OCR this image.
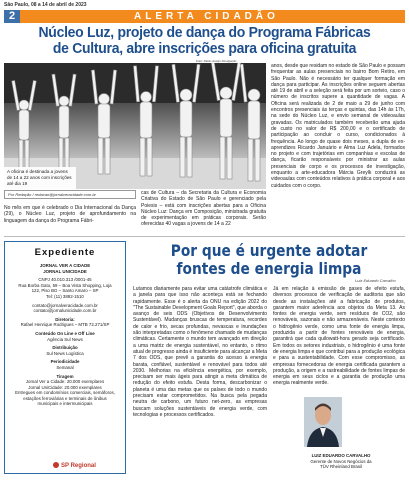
São Paulo, 08 a 14 de abril de 2023
2	ALERTA CIDADÃO
Núcleo Luz, projeto de dança do Programa Fábricas
de Cultura, abre inscrições para oficina gratuita
Foto: Pablo Araújo Divulgação
A oficina é destinada a jovens de 14 a 22 anos com inscrições até dia 19
Por Redação / redacao@jornalveracidade.com.br
No mês em que é celebrado o Dia Internacional da Dança (29), o Núcleo Luz, projeto de aprofundamento na linguagem da dança do Programa Fábri-
cas de Cultura – da Secretaria da Cultura e Economia Criativa do Estado de São Paulo e gerenciado pela Poiesis – está com inscrições abertas para a Oficina Núcleo Luz: Dança em Composição, ministrada gratuita de experimentação em práticas corporais. Serão oferecidas 40 vagas a jovens de 14 a 22
anos, desde que residam no estado de São Paulo e possam frequentar as aulas presenciais no bairro Bom Retiro, em São Paulo. Não é necessário ter qualquer formação em dança para participar. As inscrições online seguem abertas até 19 de abril e a seleção será feita por um sorteio, caso o número de inscritos supere a quantidade de vagas. A Oficina será realizada de 2 de maio a 29 de junho com encontros presenciais às terças e quintas, das 14h às 17h, na sede do Núcleo Luz, e envio semanal de videoaulas gravadas. Os matriculados também receberão uma ajuda de custo no valor de R$ 200,00 e o certificado de participação ao concluir o curso, condicionados à frequência. Ao longo de quase dois meses, a dupla de ex-aprendizes Ricardo Januário e Alma Luz Adela, formados no projeto e com trajetórias em companhias e escolas de dança, ficarão responsáveis por ministrar as aulas presenciais de corpo e os processos de investigação, enquanto a arte-educadora Márcia Greylk conduzirá as videoaulas com conteúdos relativos à prática corporal e aos cuidados com o corpo.
Expediente
JORNAL VER A CIDADE
JORNAL UNICIDADE
CNPJ 40.010.313 /0001-45
Rua Borba Gato, 59 – Boa Vista Shopping, Loja
122, Piso BG – Santo Amaro – SP
Tel: (11) 3892-1510
contato@jornalveracidade.com.br
contato@jornalunicidade.com.br
Diretoria:
Rafael Henrique Rodrigues – MTB 72.271/SP
Conteúdo On Line e Off Line
Agência Sul News
Distribuição
Sul News Logística
Periodicidade
Semanal
Tiragem
Jornal Ver a Cidade: 20.000 exemplares
Jornal UniCidade: 20.000 exemplares
Entregues em condomínios comerciais, semáforos,
estações ferroviárias e terminais de ônibus
municipais e intermunicipais
SP Regional
Por que é urgente adotar
fontes de energia limpa
Luiz Eduardo Carvalho
Lutamos diariamente para evitar uma catástrofe climática e a janela para que isso não aconteça está se fechando rapidamente. Esse é o alerta da ONU na edição 2022 do "The Sustainable Development Goals Report", que aborda o avanço de seis ODS (Objetivos de Desenvolvimento Sustentável). Mudanças bruscas de temperatura, recordes de calor e frio, secas profundas, nevascas e inundações são interpretadas como o fenômeno chamado de mudanças climáticas. Certamente o mundo tem avançado em direção a uma matriz de energia sustentável, no entanto, o ritmo atual de progresso ainda é insuficiente para alcançar a Meta 7 dos ODS, que prevê a garantia do acesso à energia barata, confiável, sustentável e renovável para todos até 2030. Melhorias na eficiência energética, por exemplo, precisam ser mais ágeis para atingir a meta climática de redução do efeito estufa. Desta forma, descarbonizar o planeta é uma das metas que os países de todo o mundo precisam estar comprometidos. Na busca pela pegada neutra de carbono, um futuro net-zero, as empresas buscam soluções sustentáveis de energia verde, com tecnologias e processos certificados.
Já em relação à emissão de gases de efeito estufa, diversos processos de verificação de auditoria que são desde as instalações até a fabricação de produtos, garantem maior aderência aos objetos da Meta 13. As fontes de energia verde, sem resíduos de CO2, são renováveis, sazonais e não armazenáveis. Neste contexto o hidrogênio verde, como uma fonte de energia limpa, produzida a partir de fontes renováveis de energia, garantirá que cada quilowatt-hora gerado seja certificado. Em todos os setores industriais, o hidrogênio é uma fonte de energia limpa e que contribui para a produção ecológica e para a sustentabilidade. Com esse compromisso, as empresas fornecedoras de energia certificada garantem a produção, a origem e a rastreabilidade de fontes limpas de energia em seus ciclos e a garantia de produção uma energia realmente verde.
LUIZ EDUARDO CARVALHO
Gerente de Novos Negócios da
TÜV Rheinland Brasil
